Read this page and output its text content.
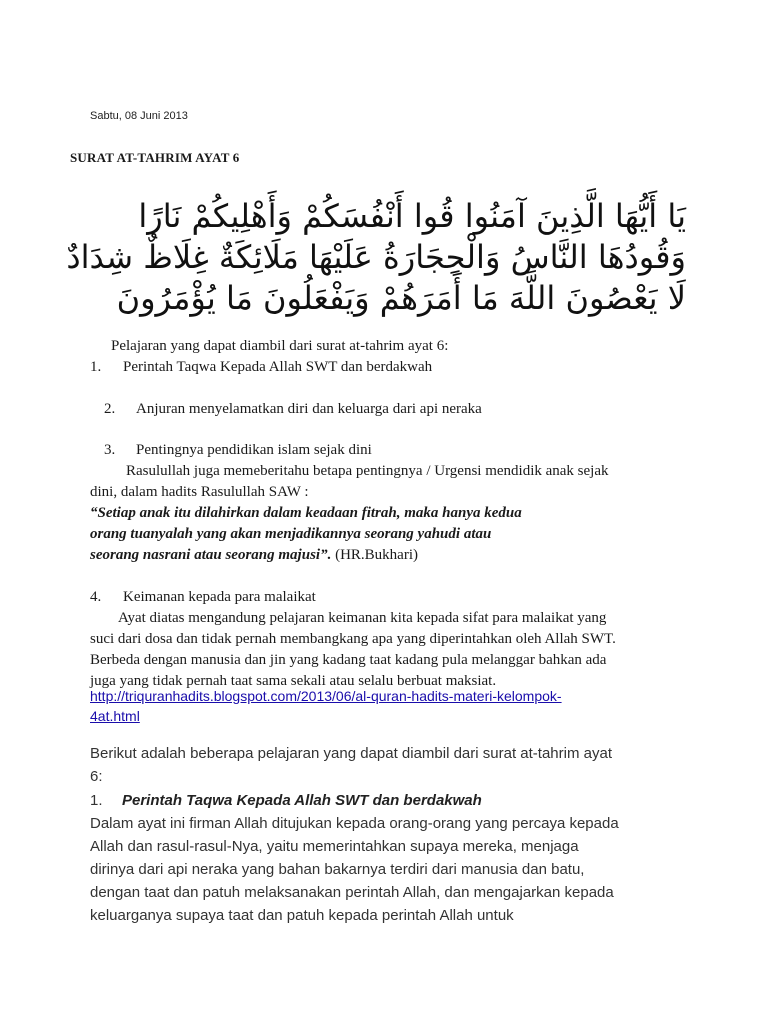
Sabtu, 08 Juni 2013
SURAT AT-TAHRIM AYAT 6
يَا أَيُّهَا الَّذِينَ آمَنُوا قُوا أَنْفُسَكُمْ وَأَهْلِيكُمْ نَارًا
وَقُودُهَا النَّاسُ وَالْحِجَارَةُ عَلَيْهَا مَلَائِكَةٌ غِلَاظٌ شِدَادٌ
لَا يَعْصُونَ اللَّهَ مَا أَمَرَهُمْ وَيَفْعَلُونَ مَا يُؤْمَرُونَ
Pelajaran yang dapat diambil dari surat at-tahrim ayat 6:
1. Perintah Taqwa Kepada Allah SWT dan berdakwah
2. Anjuran menyelamatkan diri dan keluarga dari api neraka
3. Pentingnya pendidikan islam sejak dini
Rasulullah juga memeberitahu betapa pentingnya / Urgensi mendidik anak sejak
dini, dalam hadits Rasulullah SAW :
“Setiap anak itu dilahirkan dalam keadaan fitrah, maka hanya kedua
orang tuanyalah yang akan menjadikannya seorang yahudi atau
seorang nasrani atau seorang majusi”. (HR.Bukhari)
4. Keimanan kepada para malaikat
Ayat diatas mengandung pelajaran keimanan kita kepada sifat para malaikat yang
suci dari dosa dan tidak pernah membangkang apa yang diperintahkan oleh Allah SWT.
Berbeda dengan manusia dan jin yang kadang taat kadang pula melanggar bahkan ada
juga yang tidak pernah taat sama sekali atau selalu berbuat maksiat.
http://triquranhadits.blogspot.com/2013/06/al-quran-hadits-materi-kelompok-
4at.html
Berikut adalah beberapa pelajaran yang dapat diambil dari surat at-tahrim ayat
6:
1. Perintah Taqwa Kepada Allah SWT dan berdakwah
Dalam ayat ini firman Allah ditujukan kepada orang-orang yang percaya kepada
Allah dan rasul-rasul-Nya, yaitu memerintahkan supaya mereka, menjaga
dirinya dari api neraka yang bahan bakarnya terdiri dari manusia dan batu,
dengan taat dan patuh melaksanakan perintah Allah, dan mengajarkan kepada
keluarganya supaya taat dan patuh kepada perintah Allah untuk
